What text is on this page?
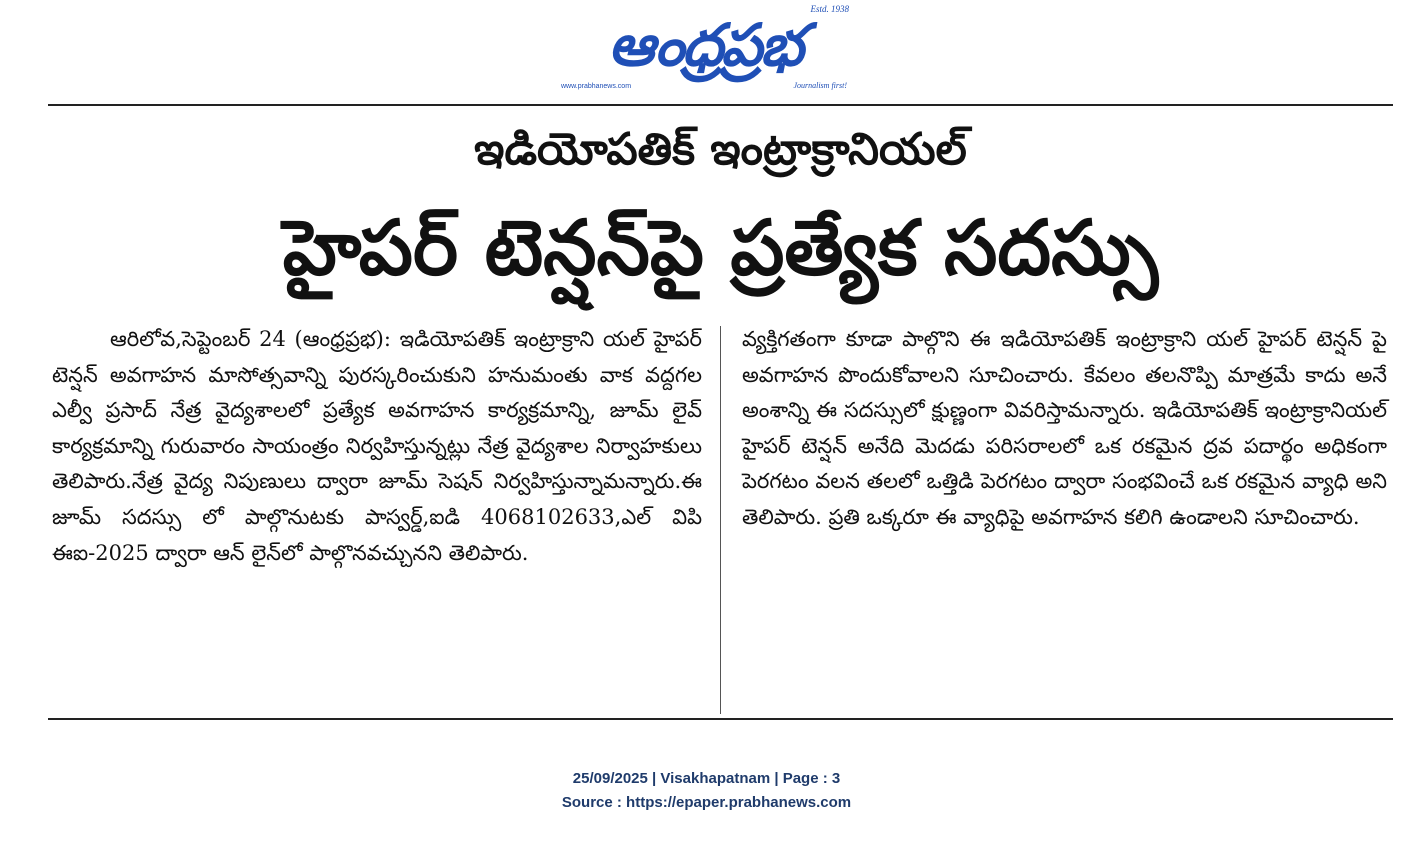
Estd. 1938
ఆంధ్రప్రభ
www.prabhanews.com	Journalism first!
ఇడియోపతిక్ ఇంట్రాక్రానియల్
హైపర్ టెన్షన్‌పై ప్రత్యేక సదస్సు

ఆరిలోవ,సెప్టెంబర్ 24 (ఆంధ్రప్రభ): ఇడియోపతిక్ ఇంట్రాక్రాని యల్ హైపర్ టెన్షన్ అవగాహన మాసోత్సవాన్ని పురస్కరించుకుని హనుమంతు వాక వద్దగల ఎల్వీ ప్రసాద్ నేత్ర వైద్యశాలలో ప్రత్యేక అవగాహన కార్యక్రమాన్ని, జూమ్ లైవ్ కార్యక్రమాన్ని గురువారం సాయంత్రం నిర్వహిస్తున్నట్లు నేత్ర వైద్యశాల నిర్వాహకులు తెలిపారు.నేత్ర వైద్య నిపుణులు ద్వారా జూమ్ సెషన్ నిర్వహిస్తున్నామన్నారు.ఈ జూమ్ సదస్సు లో పాల్గొనుటకు పాస్వర్డ్,ఐడి 4068102633,ఎల్ విపి ఈఐ-2025 ద్వారా ఆన్ లైన్‌లో పాల్గొనవచ్చునని తెలిపారు.

వ్యక్తిగతంగా కూడా పాల్గొని ఈ ఇడియోపతిక్ ఇంట్రాక్రాని యల్ హైపర్ టెన్షన్ పై అవగాహన పొందుకోవాలని సూచించారు. కేవలం తలనొప్పి మాత్రమే కాదు అనే అంశాన్ని ఈ సదస్సులో క్షుణ్ణంగా వివరిస్తామన్నారు. ఇడియోపతిక్ ఇంట్రాక్రానియల్ హైపర్ టెన్షన్ అనేది మెదడు పరిసరాలలో ఒక రకమైన ద్రవ పదార్థం అధికంగా పెరగటం వలన తలలో ఒత్తిడి పెరగటం ద్వారా సంభవించే ఒక రకమైన వ్యాధి అని తెలిపారు. ప్రతి ఒక్కరూ ఈ వ్యాధిపై అవగాహన కలిగి ఉండాలని సూచించారు.

25/09/2025 | Visakhapatnam | Page : 3
Source : https://epaper.prabhanews.com
